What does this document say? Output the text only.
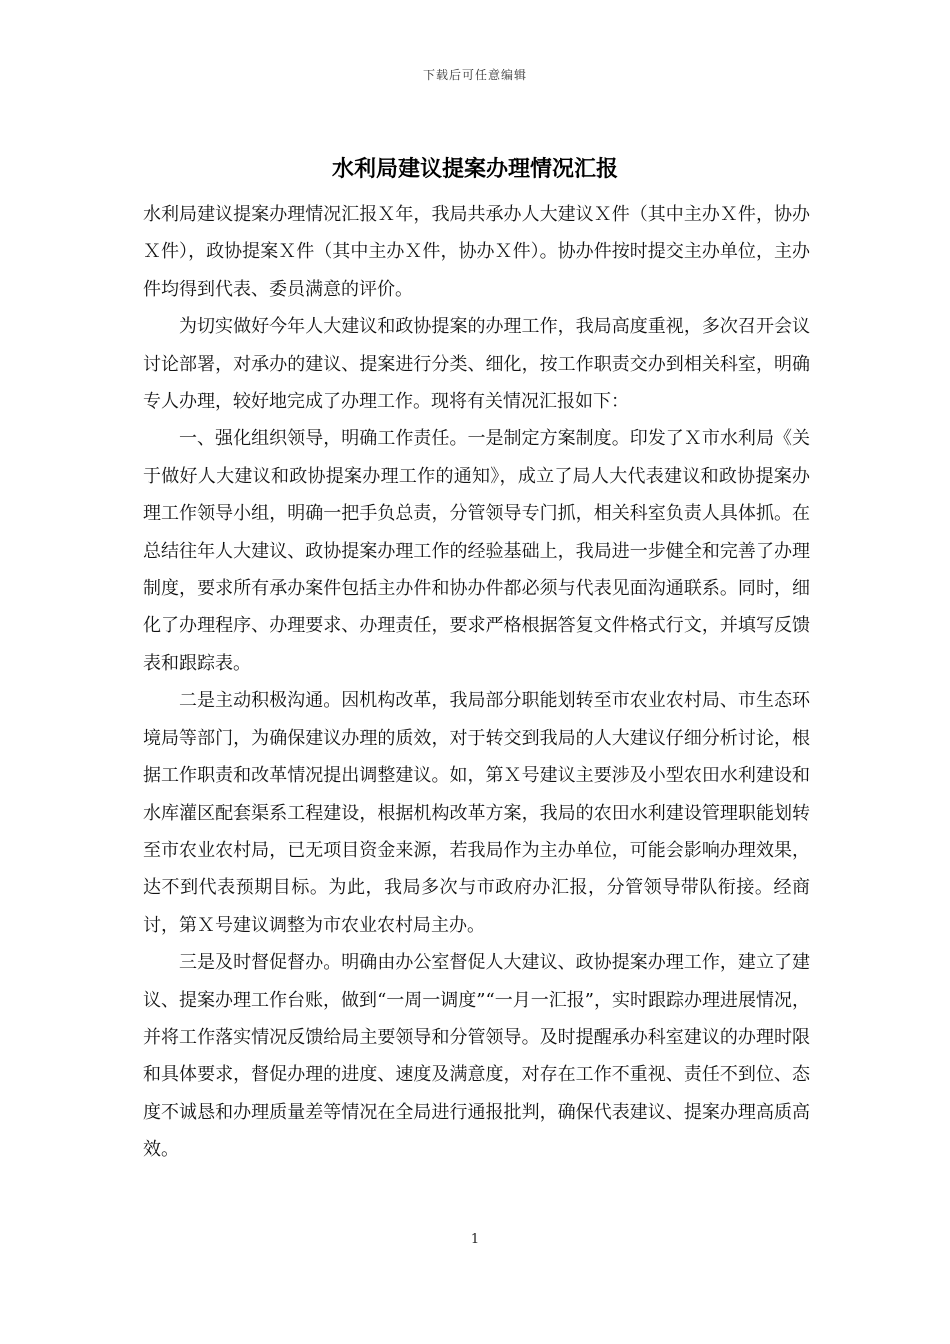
下载后可任意编辑
水利局建议提案办理情况汇报

水利局建议提案办理情况汇报Ｘ年，我局共承办人大建议Ｘ件（其中主办Ｘ件，协办Ｘ件），政协提案Ｘ件（其中主办Ｘ件，协办Ｘ件）。协办件按时提交主办单位，主办件均得到代表、委员满意的评价。

为切实做好今年人大建议和政协提案的办理工作，我局高度重视，多次召开会议讨论部署，对承办的建议、提案进行分类、细化，按工作职责交办到相关科室，明确专人办理，较好地完成了办理工作。现将有关情况汇报如下：

一、强化组织领导，明确工作责任。一是制定方案制度。印发了Ｘ市水利局《关于做好人大建议和政协提案办理工作的通知》，成立了局人大代表建议和政协提案办理工作领导小组，明确一把手负总责，分管领导专门抓，相关科室负责人具体抓。在总结往年人大建议、政协提案办理工作的经验基础上，我局进一步健全和完善了办理制度，要求所有承办案件包括主办件和协办件都必须与代表见面沟通联系。同时，细化了办理程序、办理要求、办理责任，要求严格根据答复文件格式行文，并填写反馈表和跟踪表。

二是主动积极沟通。因机构改革，我局部分职能划转至市农业农村局、市生态环境局等部门，为确保建议办理的质效，对于转交到我局的人大建议仔细分析讨论，根据工作职责和改革情况提出调整建议。如，第Ｘ号建议主要涉及小型农田水利建设和水库灌区配套渠系工程建设，根据机构改革方案，我局的农田水利建设管理职能划转至市农业农村局，已无项目资金来源，若我局作为主办单位，可能会影响办理效果，达不到代表预期目标。为此，我局多次与市政府办汇报，分管领导带队衔接。经商讨，第Ｘ号建议调整为市农业农村局主办。

三是及时督促督办。明确由办公室督促人大建议、政协提案办理工作，建立了建议、提案办理工作台账，做到“一周一调度”“一月一汇报”，实时跟踪办理进展情况，并将工作落实情况反馈给局主要领导和分管领导。及时提醒承办科室建议的办理时限和具体要求，督促办理的进度、速度及满意度，对存在工作不重视、责任不到位、态度不诚恳和办理质量差等情况在全局进行通报批判，确保代表建议、提案办理高质高效。

1
